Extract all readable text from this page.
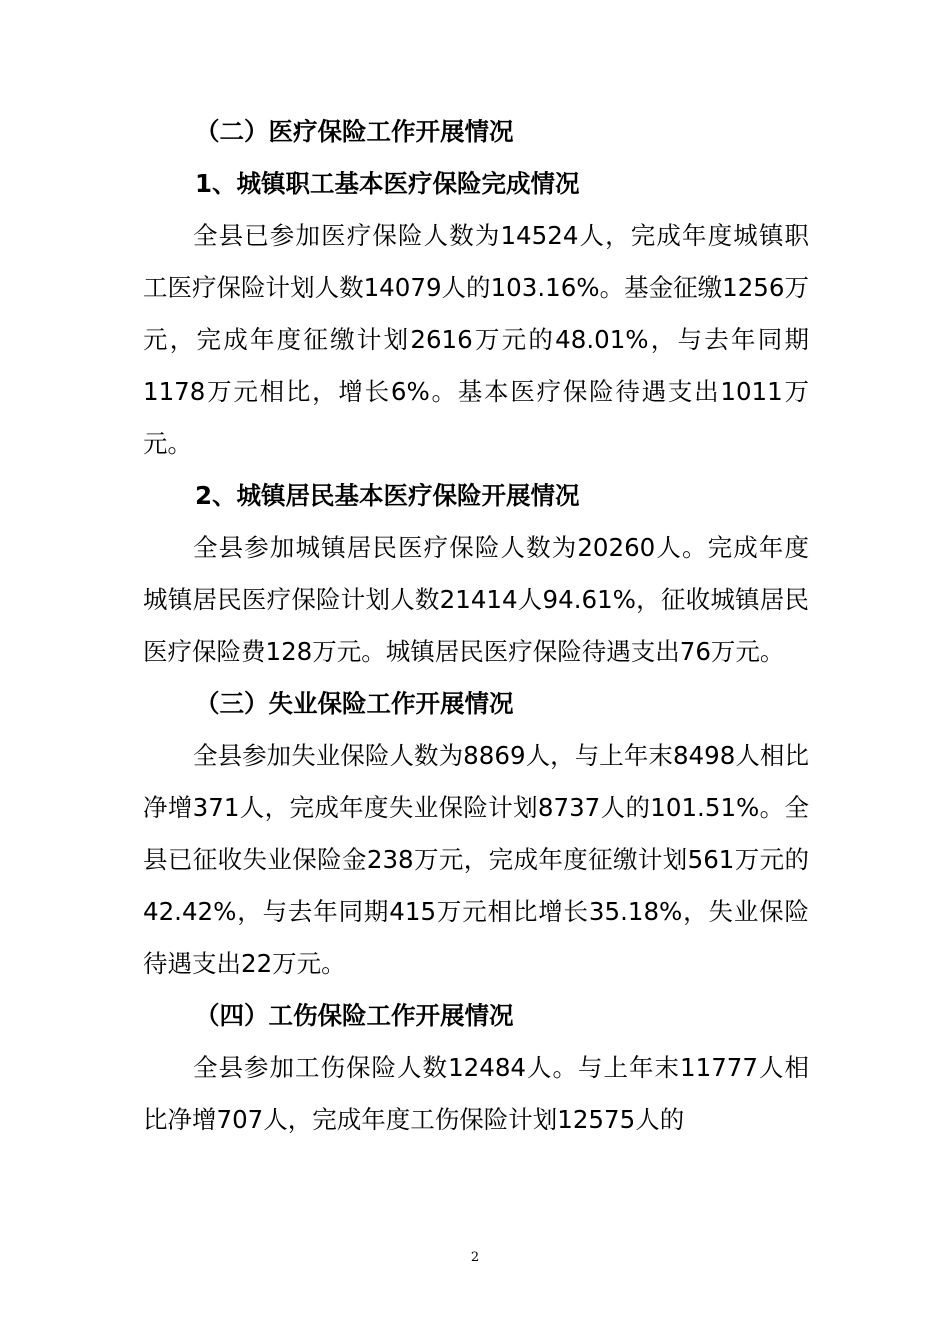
（二）医疗保险工作开展情况

1、城镇职工基本医疗保险完成情况

全县已参加医疗保险人数为14524人，完成年度城镇职工医疗保险计划人数14079人的103.16%。基金征缴1256万元，完成年度征缴计划2616万元的48.01%，与去年同期1178万元相比，增长6%。基本医疗保险待遇支出1011万元。

2、城镇居民基本医疗保险开展情况

全县参加城镇居民医疗保险人数为20260人。完成年度城镇居民医疗保险计划人数21414人94.61%，征收城镇居民医疗保险费128万元。城镇居民医疗保险待遇支出76万元。

（三）失业保险工作开展情况

全县参加失业保险人数为8869人，与上年末8498人相比净增371人，完成年度失业保险计划8737人的101.51%。全县已征收失业保险金238万元，完成年度征缴计划561万元的42.42%，与去年同期415万元相比增长35.18%，失业保险待遇支出22万元。

（四）工伤保险工作开展情况

全县参加工伤保险人数12484人。与上年末11777人相比净增707人，完成年度工伤保险计划12575人的

2
